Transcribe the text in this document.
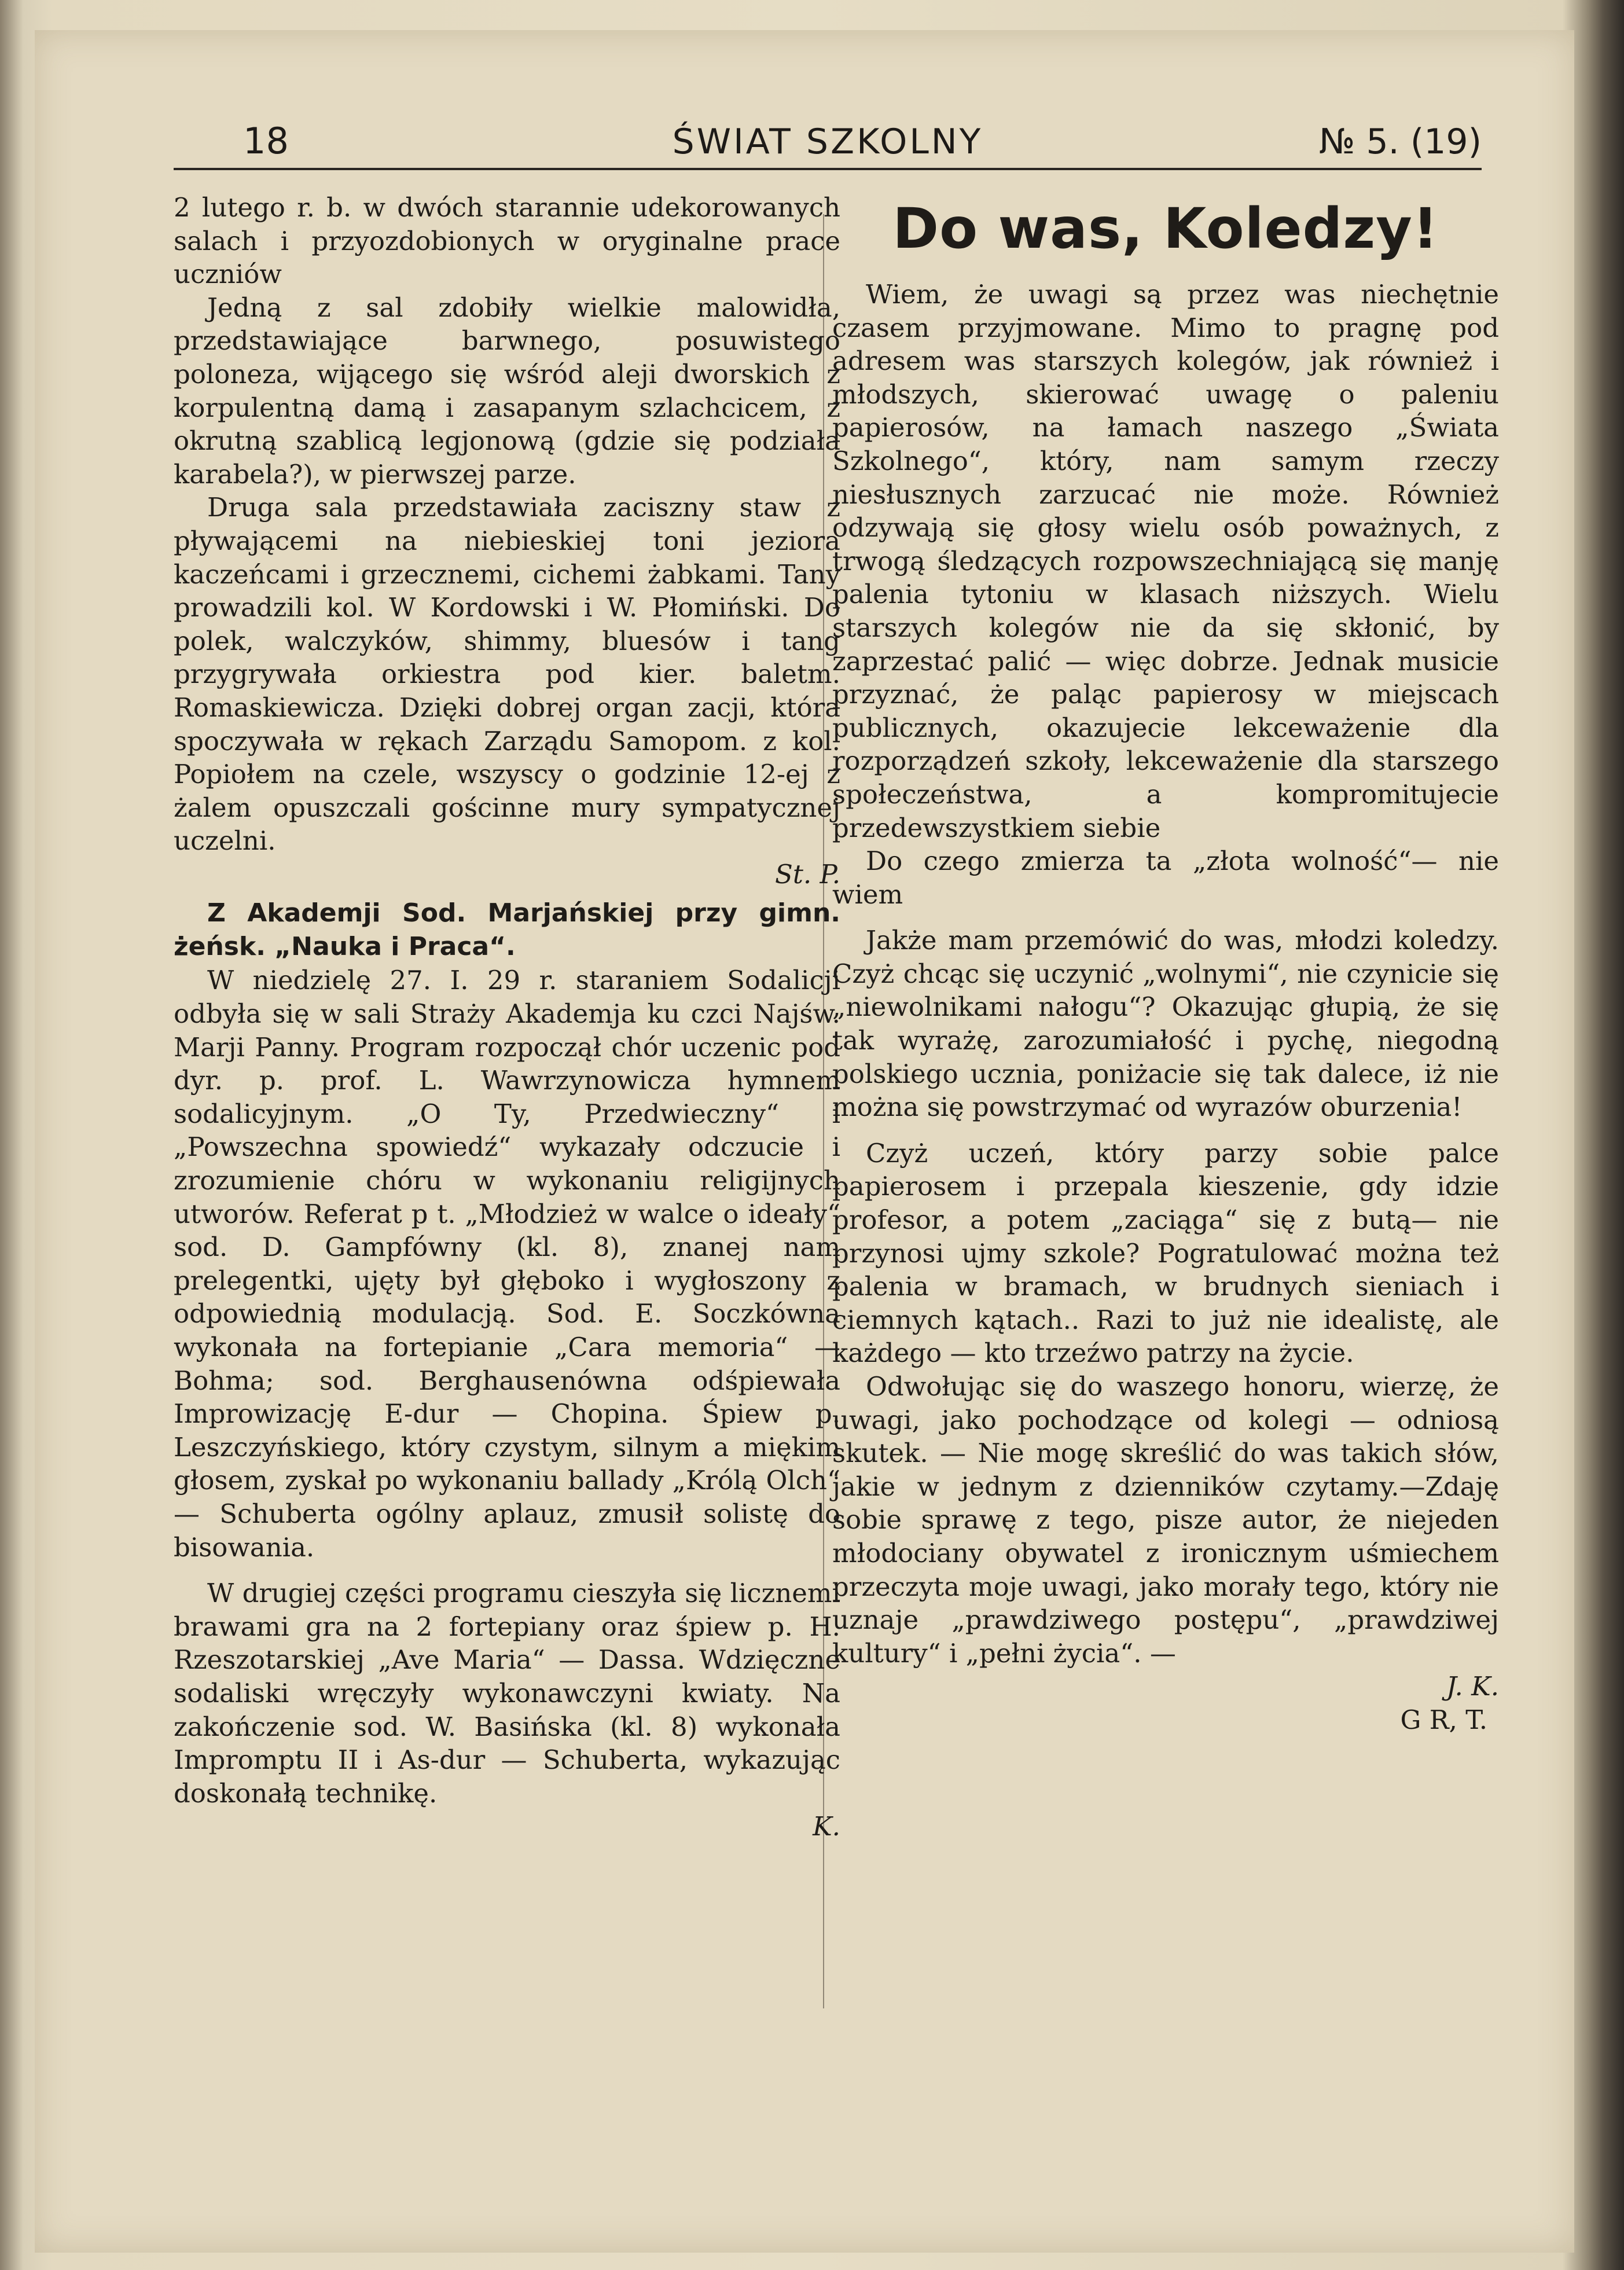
18	ŚWIAT SZKOLNY	№ 5. (19)

2 lutego r. b. w dwóch starannie udekorowanych salach i przyozdobionych w oryginalne prace uczniów

Jedną z sal zdobiły wielkie malowidła, przedstawiające barwnego, posuwistego poloneza, wijącego się wśród aleji dworskich z korpulentną damą i zasapanym szlachcicem, z okrutną szablicą legjonową (gdzie się podziała karabela?), w pierwszej parze.

Druga sala przedstawiała zaciszny staw z pływającemi na niebieskiej toni jeziora kaczeńcami i grzecznemi, cichemi żabkami. Tany prowadzili kol. W Kordowski i W. Płomiński. Do polek, walczyków, shimmy, bluesów i tang przygrywała orkiestra pod kier. baletm. Romaskiewicza. Dzięki dobrej organ zacji, która spoczywała w rękach Zarządu Samopom. z kol. Popiołem na czele, wszyscy o godzinie 12-ej z żalem opuszczali gościnne mury sympatycznej uczelni.

St. P.
Z Akademji Sod. Marjańskiej przy gimn. żeńsk. „Nauka i Praca“.

W niedzielę 27. I. 29 r. staraniem Sodalicji odbyła się w sali Straży Akademja ku czci Najśw. Marji Panny. Program rozpoczął chór uczenic pod dyr. p. prof. L. Wawrzynowicza hymnem sodalicyjnym. „O Ty, Przedwieczny“ i „Powszechna spowiedź“ wykazały odczucie i zrozumienie chóru w wykonaniu religijnych utworów. Referat p t. „Młodzież w walce o ideały“ sod. D. Gampfówny (kl. 8), znanej nam prelegentki, ujęty był głęboko i wygłoszony z odpowiednią modulacją. Sod. E. Soczkówna wykonała na fortepianie „Cara memoria“ — Bohma; sod. Berghausenówna odśpiewała Improwizację E-dur — Chopina. Śpiew p. Leszczyńskiego, który czystym, silnym a miękim głosem, zyskał po wykonaniu ballady „Królą Olch“ — Schuberta ogólny aplauz, zmusił solistę do bisowania.

W drugiej części programu cieszyła się licznemi brawami gra na 2 fortepiany oraz śpiew p. H. Rzeszotarskiej „Ave Maria“ — Dassa. Wdzięczne sodaliski wręczyły wykonawczyni kwiaty. Na zakończenie sod. W. Basińska (kl. 8) wykonała Impromptu II i As-dur — Schuberta, wykazując doskonałą technikę.

K.
Do was, Koledzy!

Wiem, że uwagi są przez was niechętnie czasem przyjmowane. Mimo to pragnę pod adresem was starszych kolegów, jak również i młodszych, skierować uwagę o paleniu papierosów, na łamach naszego „Świata Szkolnego“, który, nam samym rzeczy niesłusznych zarzucać nie może. Również odzywają się głosy wielu osób poważnych, z trwogą śledzących rozpowszechniającą się manję palenia tytoniu w klasach niższych. Wielu starszych kolegów nie da się skłonić, by zaprzestać palić — więc dobrze. Jednak musicie przyznać, że paląc papierosy w miejscach publicznych, okazujecie lekceważenie dla rozporządzeń szkoły, lekceważenie dla starszego społeczeństwa, a kompromitujecie przedewszystkiem siebie

Do czego zmierza ta „złota wolność“— nie wiem

Jakże mam przemówić do was, młodzi koledzy. Czyż chcąc się uczynić „wolnymi“, nie czynicie się „niewolnikami nałogu“? Okazując głupią, że się tak wyrażę, zarozumiałość i pychę, niegodną polskiego ucznia, poniżacie się tak dalece, iż nie można się powstrzymać od wyrazów oburzenia!

Czyż uczeń, który parzy sobie palce papierosem i przepala kieszenie, gdy idzie profesor, a potem „zaciąga“ się z butą— nie przynosi ujmy szkole? Pogratulować można też palenia w bramach, w brudnych sieniach i ciemnych kątach.. Razi to już nie idealistę, ale każdego — kto trzeźwo patrzy na życie.

Odwołując się do waszego honoru, wierzę, że uwagi, jako pochodzące od kolegi — odniosą skutek. — Nie mogę skreślić do was takich słów, jakie w jednym z dzienników czytamy.—Zdaję sobie sprawę z tego, pisze autor, że niejeden młodociany obywatel z ironicznym uśmiechem przeczyta moje uwagi, jako morały tego, który nie uznaje „prawdziwego postępu“, „prawdziwej kultury“ i „pełni życia“. —

J. K.
G R, T.
